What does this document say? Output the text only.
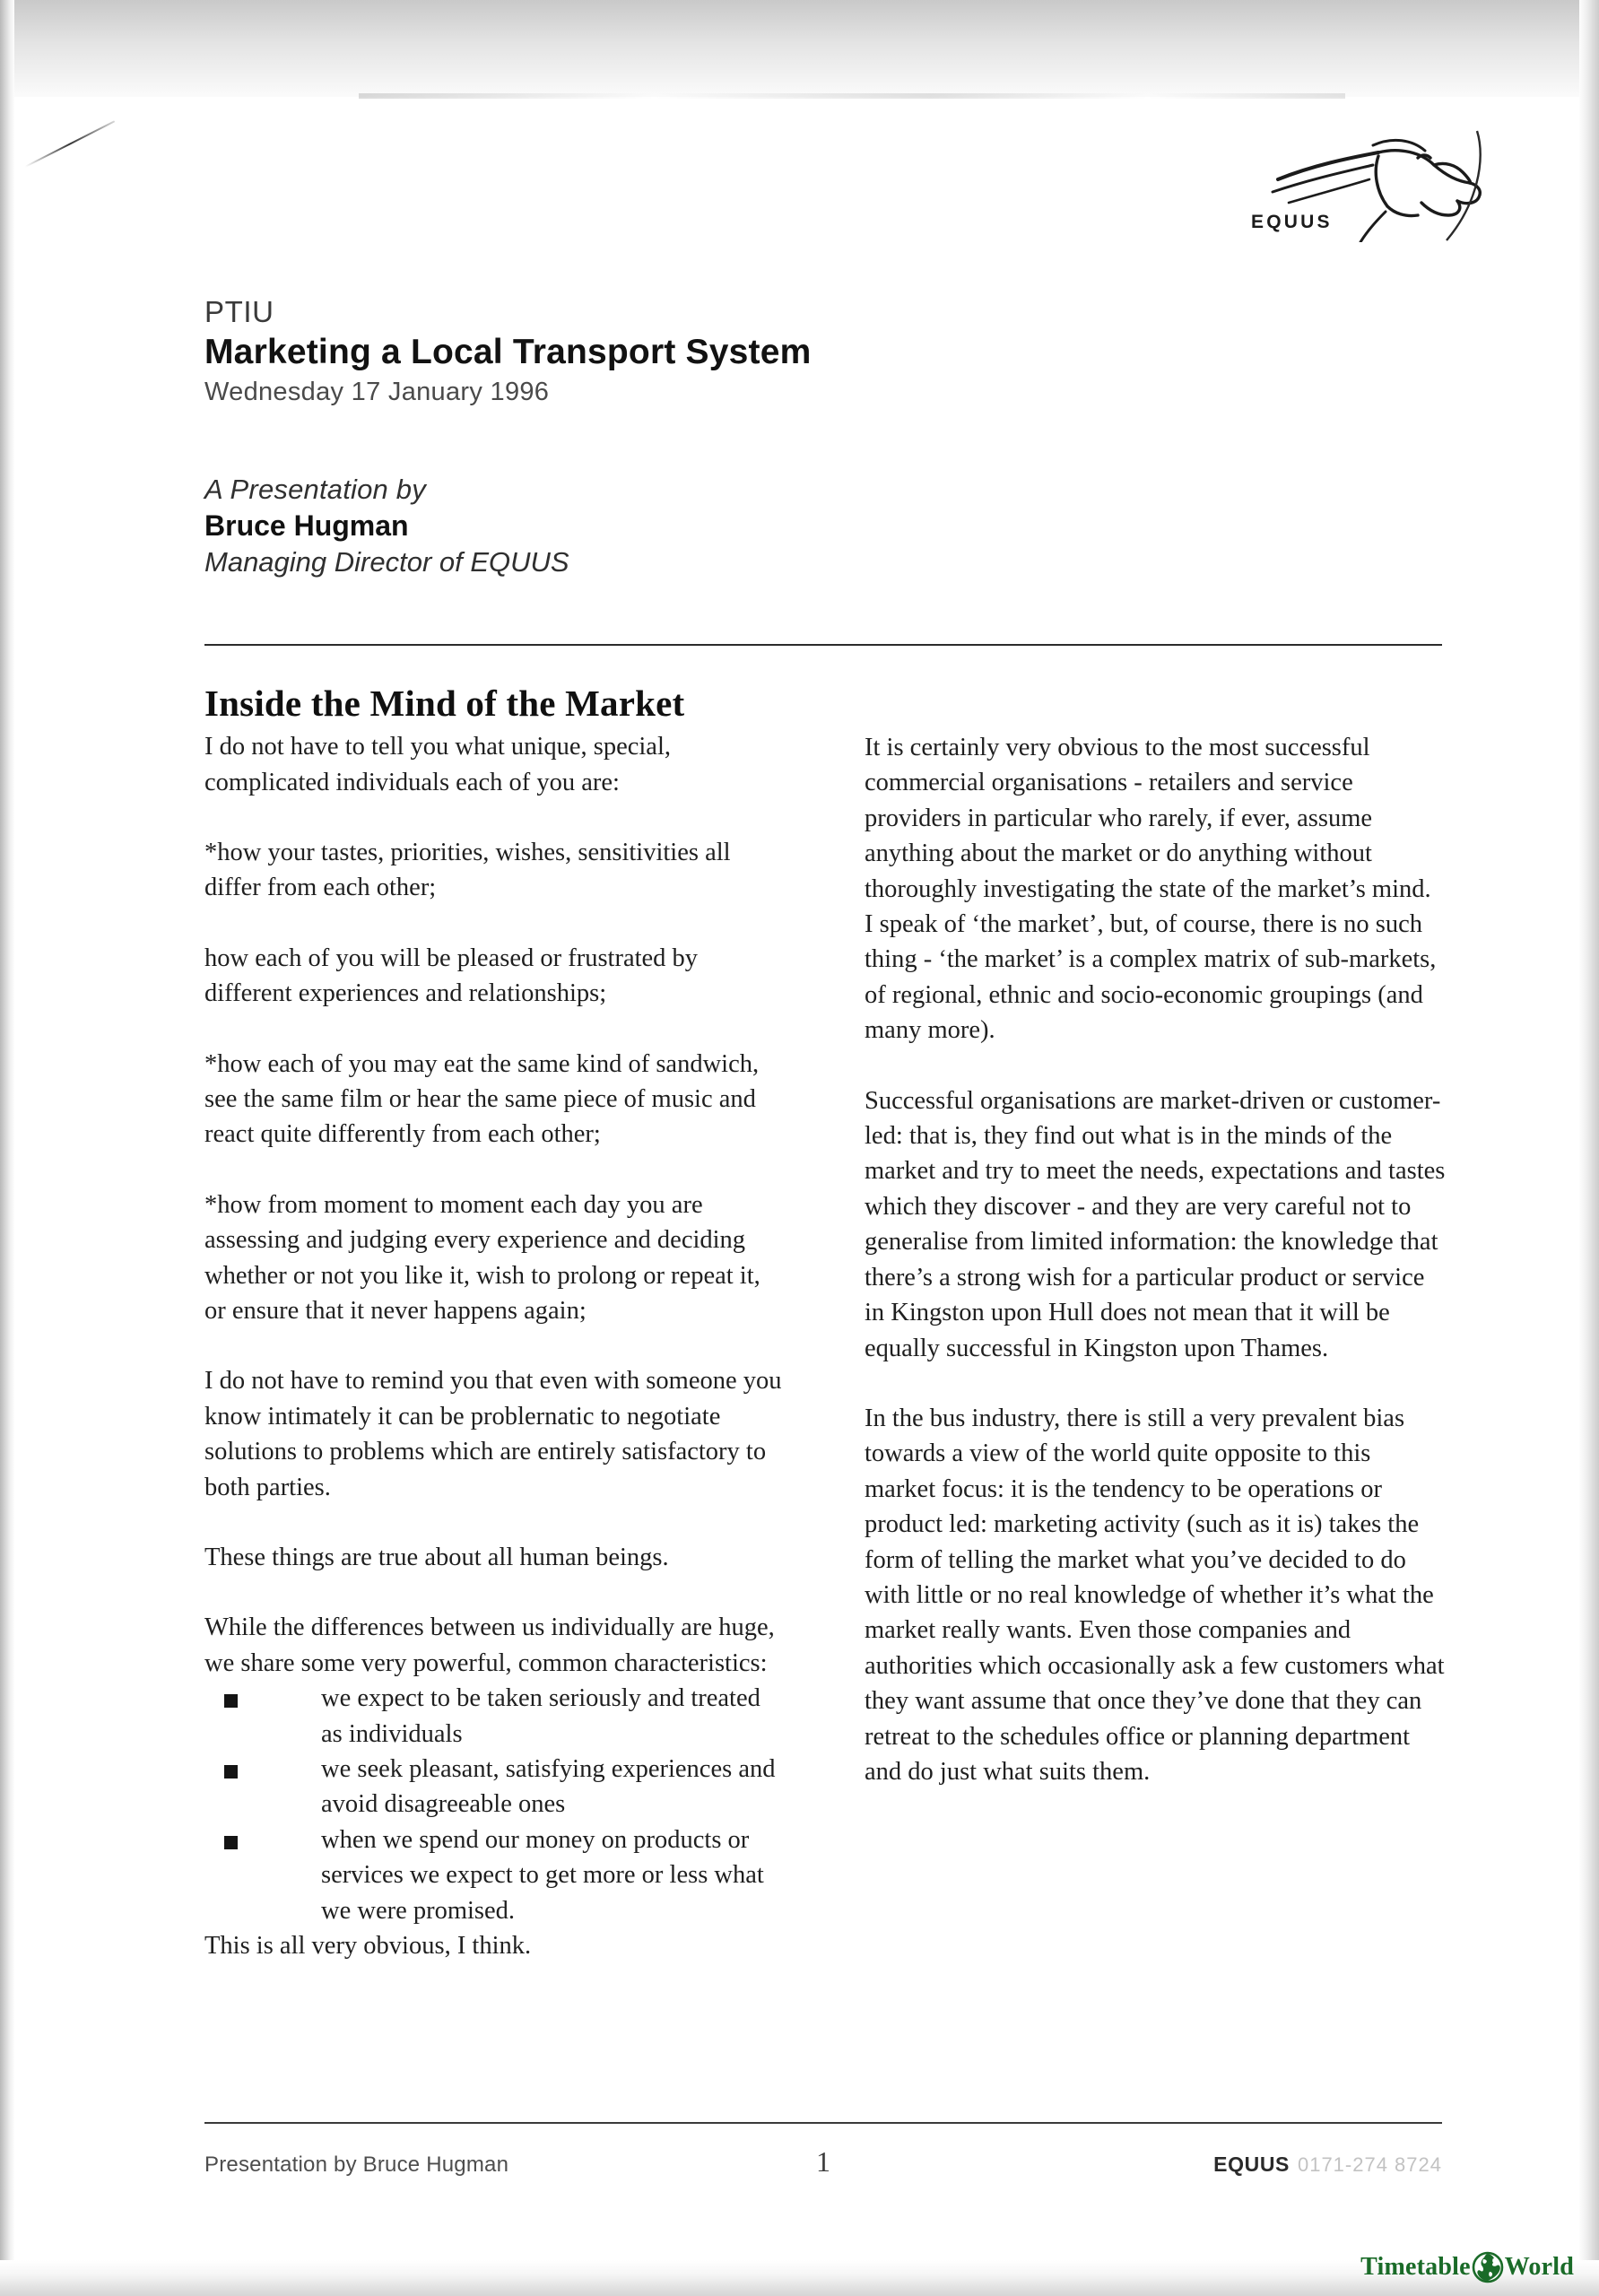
EQUUS
PTIU
Marketing a Local Transport System
Wednesday 17 January 1996
A Presentation by
Bruce Hugman
Managing Director of EQUUS
Inside the Mind of the Market

I do not have to tell you what unique, special, complicated individuals each of you are:

*how your tastes, priorities, wishes, sensitivities all differ from each other;

how each of you will be pleased or frustrated by different experiences and relationships;

*how each of you may eat the same kind of sandwich, see the same film or hear the same piece of music and react quite differently from each other;

*how from moment to moment each day you are assessing and judging every experience and deciding whether or not you like it, wish to prolong or repeat it, or ensure that it never happens again;

I do not have to remind you that even with someone you know intimately it can be problernatic to negotiate solutions to problems which are entirely satisfactory to both parties.

These things are true about all human beings.

While the differences between us individually are huge, we share some very powerful, common characteristics:

we expect to be taken seriously and treated as individuals
we seek pleasant, satisfying experiences and avoid disagreeable ones
when we spend our money on products or services we expect to get more or less what we were promised.

This is all very obvious, I think.

It is certainly very obvious to the most successful commercial organisations - retailers and service providers in particular who rarely, if ever, assume anything about the market or do anything without thoroughly investigating the state of the market’s mind. I speak of ‘the market’, but, of course, there is no such thing - ‘the market’ is a complex matrix of sub-markets, of regional, ethnic and socio-economic groupings (and many more).

Successful organisations are market-driven or customer-led: that is, they find out what is in the minds of the market and try to meet the needs, expectations and tastes which they discover - and they are very careful not to generalise from limited information: the knowledge that there’s a strong wish for a particular product or service in Kingston upon Hull does not mean that it will be equally successful in Kingston upon Thames.

In the bus industry, there is still a very prevalent bias towards a view of the world quite opposite to this market focus: it is the tendency to be operations or product led: marketing activity (such as it is) takes the form of telling the market what you’ve decided to do with little or no real knowledge of whether it’s what the market really wants. Even those companies and authorities which occasionally ask a few customers what they want assume that once they’ve done that they can retreat to the schedules office or planning department and do just what suits them.

Presentation by Bruce Hugman	1	EQUUS 0171-274 8724
Timetable World
